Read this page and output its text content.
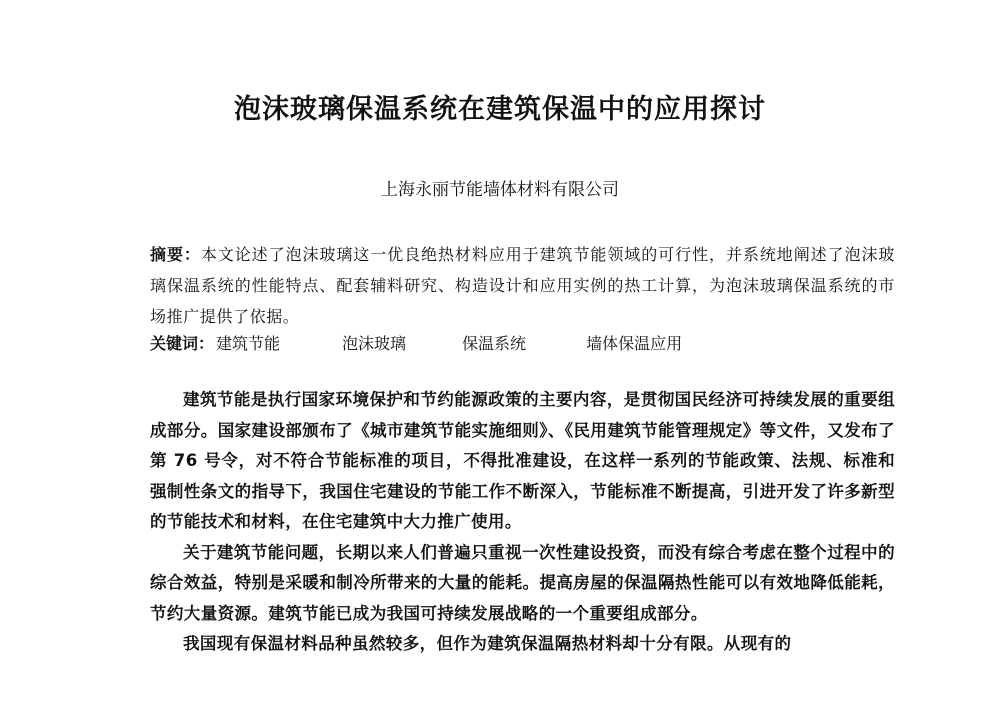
泡沫玻璃保温系统在建筑保温中的应用探讨
上海永丽节能墙体材料有限公司

摘要：本文论述了泡沫玻璃这一优良绝热材料应用于建筑节能领域的可行性，并系统地阐述了泡沫玻璃保温系统的性能特点、配套辅料研究、构造设计和应用实例的热工计算，为泡沫玻璃保温系统的市场推广提供了依据。

关键词： 建筑节能	泡沫玻璃	保温系统	墙体保温应用

建筑节能是执行国家环境保护和节约能源政策的主要内容，是贯彻国民经济可持续发展的重要组成部分。国家建设部颁布了《城市建筑节能实施细则》、《民用建筑节能管理规定》等文件，又发布了第 76 号令，对不符合节能标准的项目，不得批准建设，在这样一系列的节能政策、法规、标准和强制性条文的指导下，我国住宅建设的节能工作不断深入，节能标准不断提高，引进开发了许多新型的节能技术和材料，在住宅建筑中大力推广使用。

关于建筑节能问题，长期以来人们普遍只重视一次性建设投资，而没有综合考虑在整个过程中的综合效益，特别是采暖和制冷所带来的大量的能耗。提高房屋的保温隔热性能可以有效地降低能耗，节约大量资源。建筑节能已成为我国可持续发展战略的一个重要组成部分。

我国现有保温材料品种虽然较多，但作为建筑保温隔热材料却十分有限。从现有的
